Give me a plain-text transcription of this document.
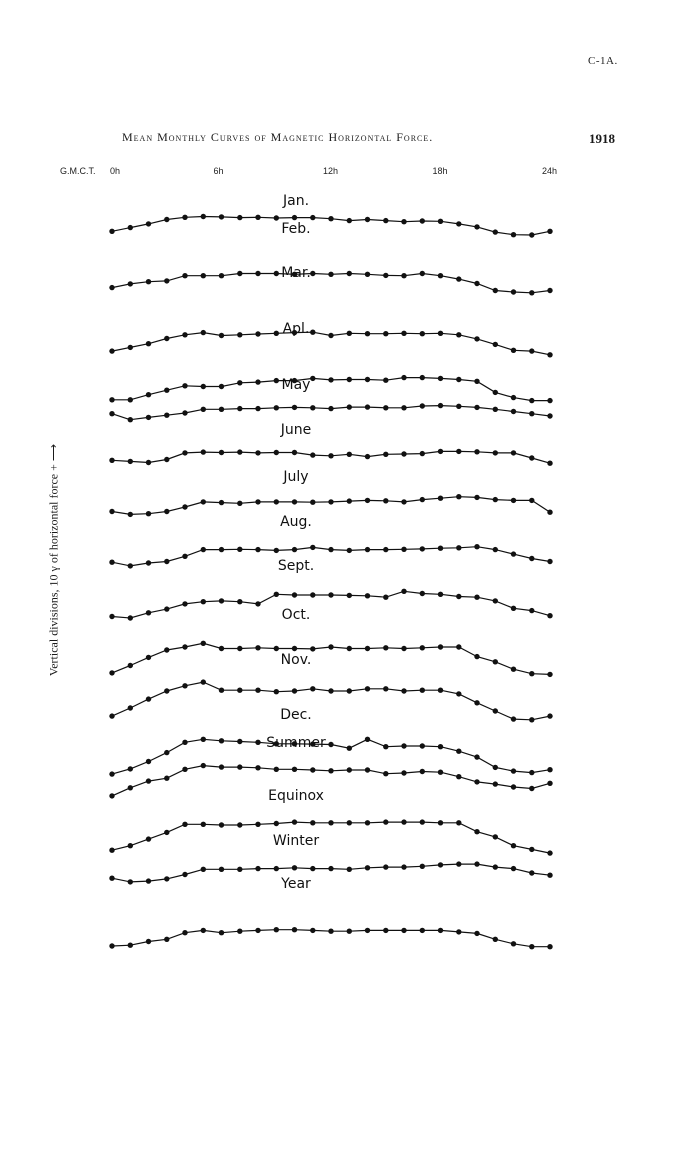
C-1A.
Mean Monthly Curves of Magnetic Horizontal Force.	1918
Vertical divisions, 10 γ of horizontal force + ⟶
G.M.C.T. 0h	6h	12h	18h	24h
Jan.
Feb.
Mar.
Apl.
May
June
July
Aug.
Sept.
Oct.
Nov.
Dec.
Summer
Equinox
Winter
Year
